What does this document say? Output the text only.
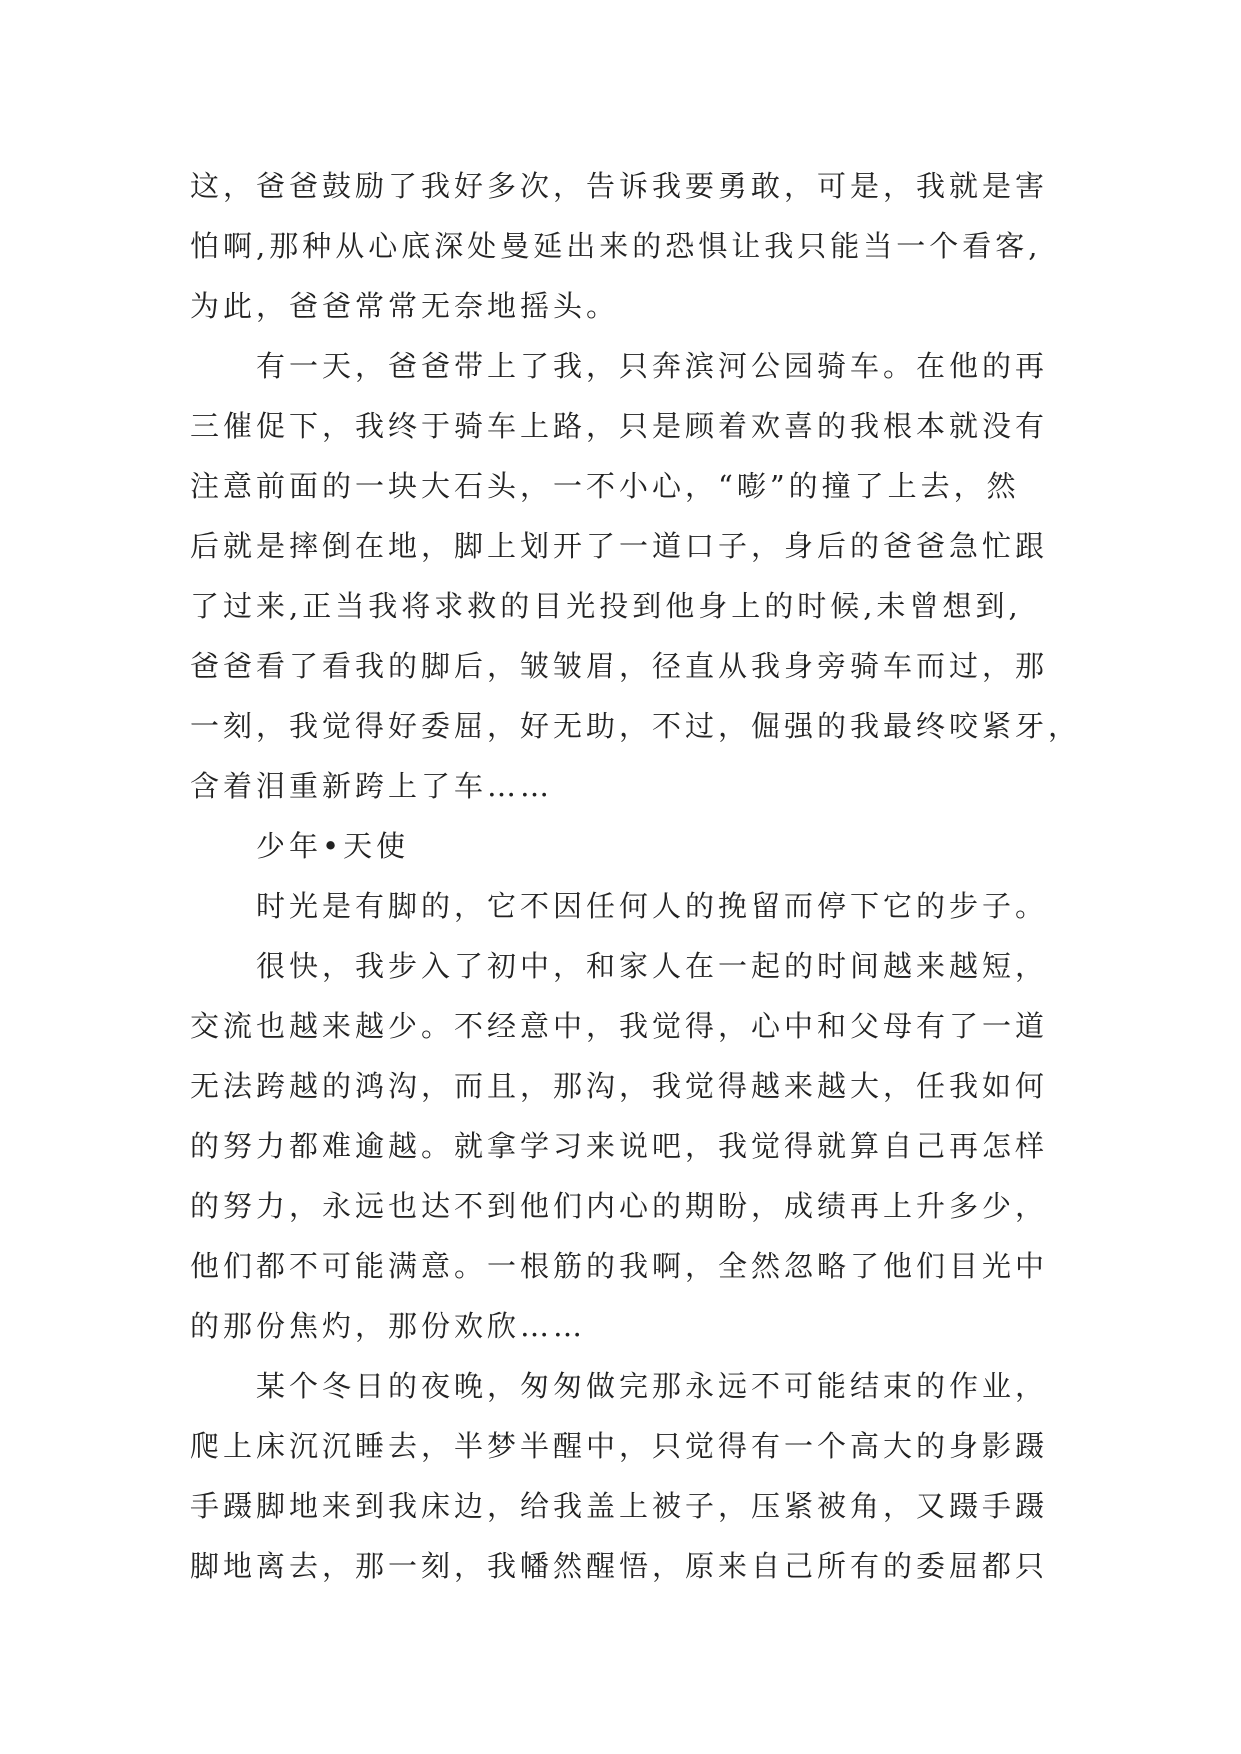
这，爸爸鼓励了我好多次，告诉我要勇敢，可是，我就是害
怕啊,那种从心底深处曼延出来的恐惧让我只能当一个看客,
为此，爸爸常常无奈地摇头。
有一天，爸爸带上了我，只奔滨河公园骑车。在他的再
三催促下，我终于骑车上路，只是顾着欢喜的我根本就没有
注意前面的一块大石头，一不小心，“嘭”的撞了上去，然
后就是摔倒在地，脚上划开了一道口子，身后的爸爸急忙跟
了过来,正当我将求救的目光投到他身上的时候,未曾想到,
爸爸看了看我的脚后，皱皱眉，径直从我身旁骑车而过，那
一刻，我觉得好委屈，好无助，不过，倔强的我最终咬紧牙，
含着泪重新跨上了车……
少年•天使
时光是有脚的，它不因任何人的挽留而停下它的步子。
很快，我步入了初中，和家人在一起的时间越来越短，
交流也越来越少。不经意中，我觉得，心中和父母有了一道
无法跨越的鸿沟，而且，那沟，我觉得越来越大，任我如何
的努力都难逾越。就拿学习来说吧，我觉得就算自己再怎样
的努力，永远也达不到他们内心的期盼，成绩再上升多少，
他们都不可能满意。一根筋的我啊，全然忽略了他们目光中
的那份焦灼，那份欢欣……
某个冬日的夜晚，匆匆做完那永远不可能结束的作业，
爬上床沉沉睡去，半梦半醒中，只觉得有一个高大的身影蹑
手蹑脚地来到我床边，给我盖上被子，压紧被角，又蹑手蹑
脚地离去，那一刻，我幡然醒悟，原来自己所有的委屈都只
